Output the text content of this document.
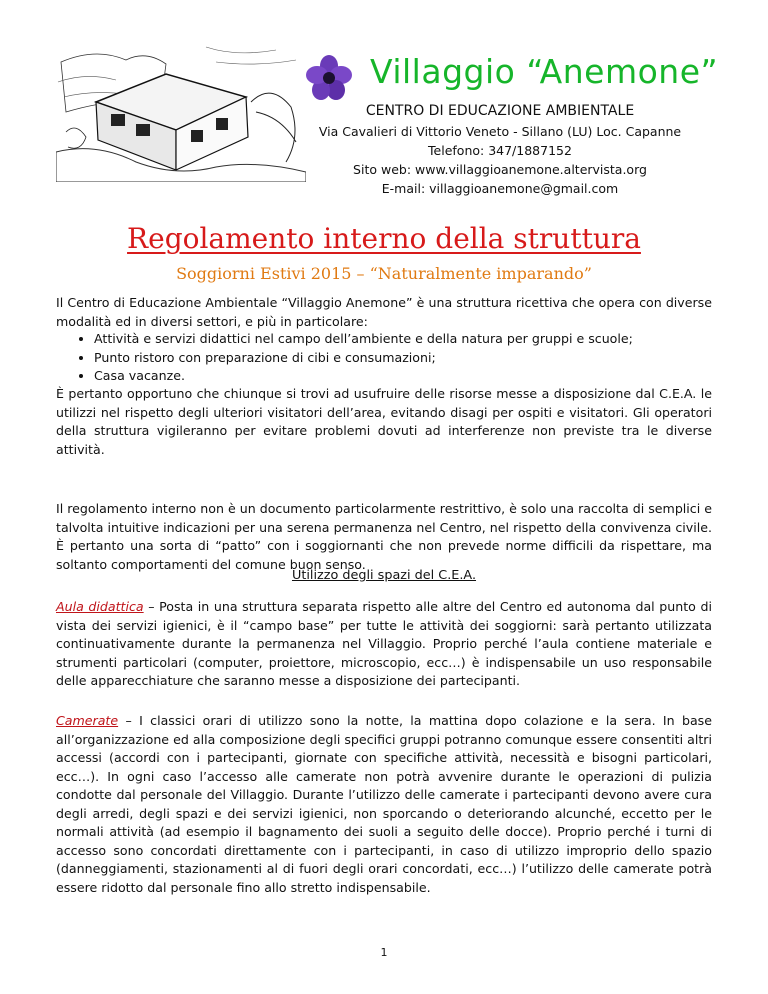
Villaggio “Anemone”
CENTRO DI EDUCAZIONE AMBIENTALE
Via Cavalieri di Vittorio Veneto - Sillano (LU) Loc. Capanne
Telefono: 347/1887152
Sito web: www.villaggioanemone.altervista.org
E-mail: villaggioanemone@gmail.com
Regolamento interno della struttura
Soggiorni Estivi 2015 – “Naturalmente imparando”
Il Centro di Educazione Ambientale “Villaggio Anemone” è una struttura ricettiva che opera con diverse modalità ed in diversi settori, e più in particolare:
• Attività e servizi didattici nel campo dell’ambiente e della natura per gruppi e scuole;
• Punto ristoro con preparazione di cibi e consumazioni;
• Casa vacanze.
È pertanto opportuno che chiunque si trovi ad usufruire delle risorse messe a disposizione dal C.E.A. le utilizzi nel rispetto degli ulteriori visitatori dell’area, evitando disagi per ospiti e visitatori. Gli operatori della struttura vigileranno per evitare problemi dovuti ad interferenze non previste tra le diverse attività.
Il regolamento interno non è un documento particolarmente restrittivo, è solo una raccolta di semplici e talvolta intuitive indicazioni per una serena permanenza nel Centro, nel rispetto della convivenza civile. È pertanto una sorta di “patto” con i soggiornanti che non prevede norme difficili da rispettare, ma soltanto comportamenti del comune buon senso.
Utilizzo degli spazi del C.E.A.
Aula didattica – Posta in una struttura separata rispetto alle altre del Centro ed autonoma dal punto di vista dei servizi igienici, è il “campo base” per tutte le attività dei soggiorni: sarà pertanto utilizzata continuativamente durante la permanenza nel Villaggio. Proprio perché l’aula contiene materiale e strumenti particolari (computer, proiettore, microscopio, ecc…) è indispensabile un uso responsabile delle apparecchiature che saranno messe a disposizione dei partecipanti.
Camerate – I classici orari di utilizzo sono la notte, la mattina dopo colazione e la sera. In base all’organizzazione ed alla composizione degli specifici gruppi potranno comunque essere consentiti altri accessi (accordi con i partecipanti, giornate con specifiche attività, necessità e bisogni particolari, ecc…). In ogni caso l’accesso alle camerate non potrà avvenire durante le operazioni di pulizia condotte dal personale del Villaggio. Durante l’utilizzo delle camerate i partecipanti devono avere cura degli arredi, degli spazi e dei servizi igienici, non sporcando o deteriorando alcunché, eccetto per le normali attività (ad esempio il bagnamento dei suoli a seguito delle docce). Proprio perché i turni di accesso sono concordati direttamente con i partecipanti, in caso di utilizzo improprio dello spazio (danneggiamenti, stazionamenti al di fuori degli orari concordati, ecc…) l’utilizzo delle camerate potrà essere ridotto dal personale fino allo stretto indispensabile.
1
